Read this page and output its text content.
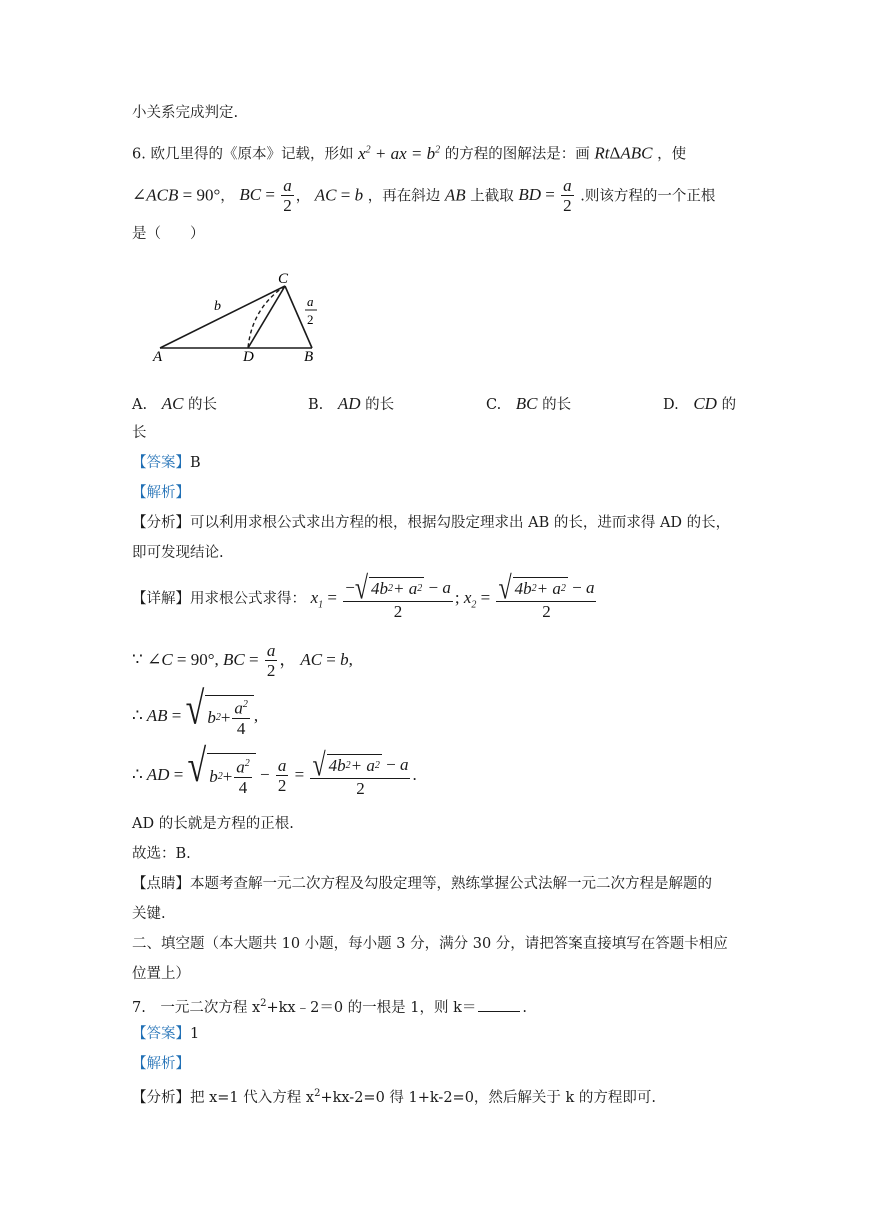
小关系完成判定.
6. 欧几里得的《原本》记载，形如 $x^2$ + ax = $b^2$ 的方程的图解法是：画 RtΔABC ，使
∠ACB = 90°， BC = $\frac{a}{2}$ ， AC = b ，再在斜边 AB 上截取 BD = $\frac{a}{2}$ .则该方程的一个正根
是（　　）
C
A	D	B
b	a
2
A. AC 的长	B. AD 的长	C. BC 的长	D. CD 的
长
【答案】B
【解析】
【分析】可以利用求根公式求出方程的根，根据勾股定理求出 AB 的长，进而求得 AD 的长，
即可发现结论.
【详解】用求根公式求得： $x_1 = \frac{- √ 4b 2 + a 2 - a}{2}$ ; $x_2 = \frac{√ 4b 2 + a 2 - a}{2}$
∵ ∠C = 90°, BC = $\frac{a}{2}$ ， AC = b,
∴ AB = √ b $2 + \frac{a^2}{4}$ ,
∴ AD = √ b $2 + \frac{a^2}{4} - \frac{a}{2} = \frac{√ 4b 2 + a 2 - a}{2}$ .
AD 的长就是方程的正根.
故选：B.
【点睛】本题考查解一元二次方程及勾股定理等，熟练掌握公式法解一元二次方程是解题的
关键.
二、填空题（本大题共 10 小题，每小题 3 分，满分 30 分，请把答案直接填写在答题卡相应
位置上）
7.　一元二次方程 $x^2+kx﹣2=0$ 的一根是 1，则 k＝	.
【答案】1
【解析】
【分析】把 x=1 代入方程 $x^2+kx-2=0$ 得 1+k-2=0，然后解关于 k 的方程即可.
